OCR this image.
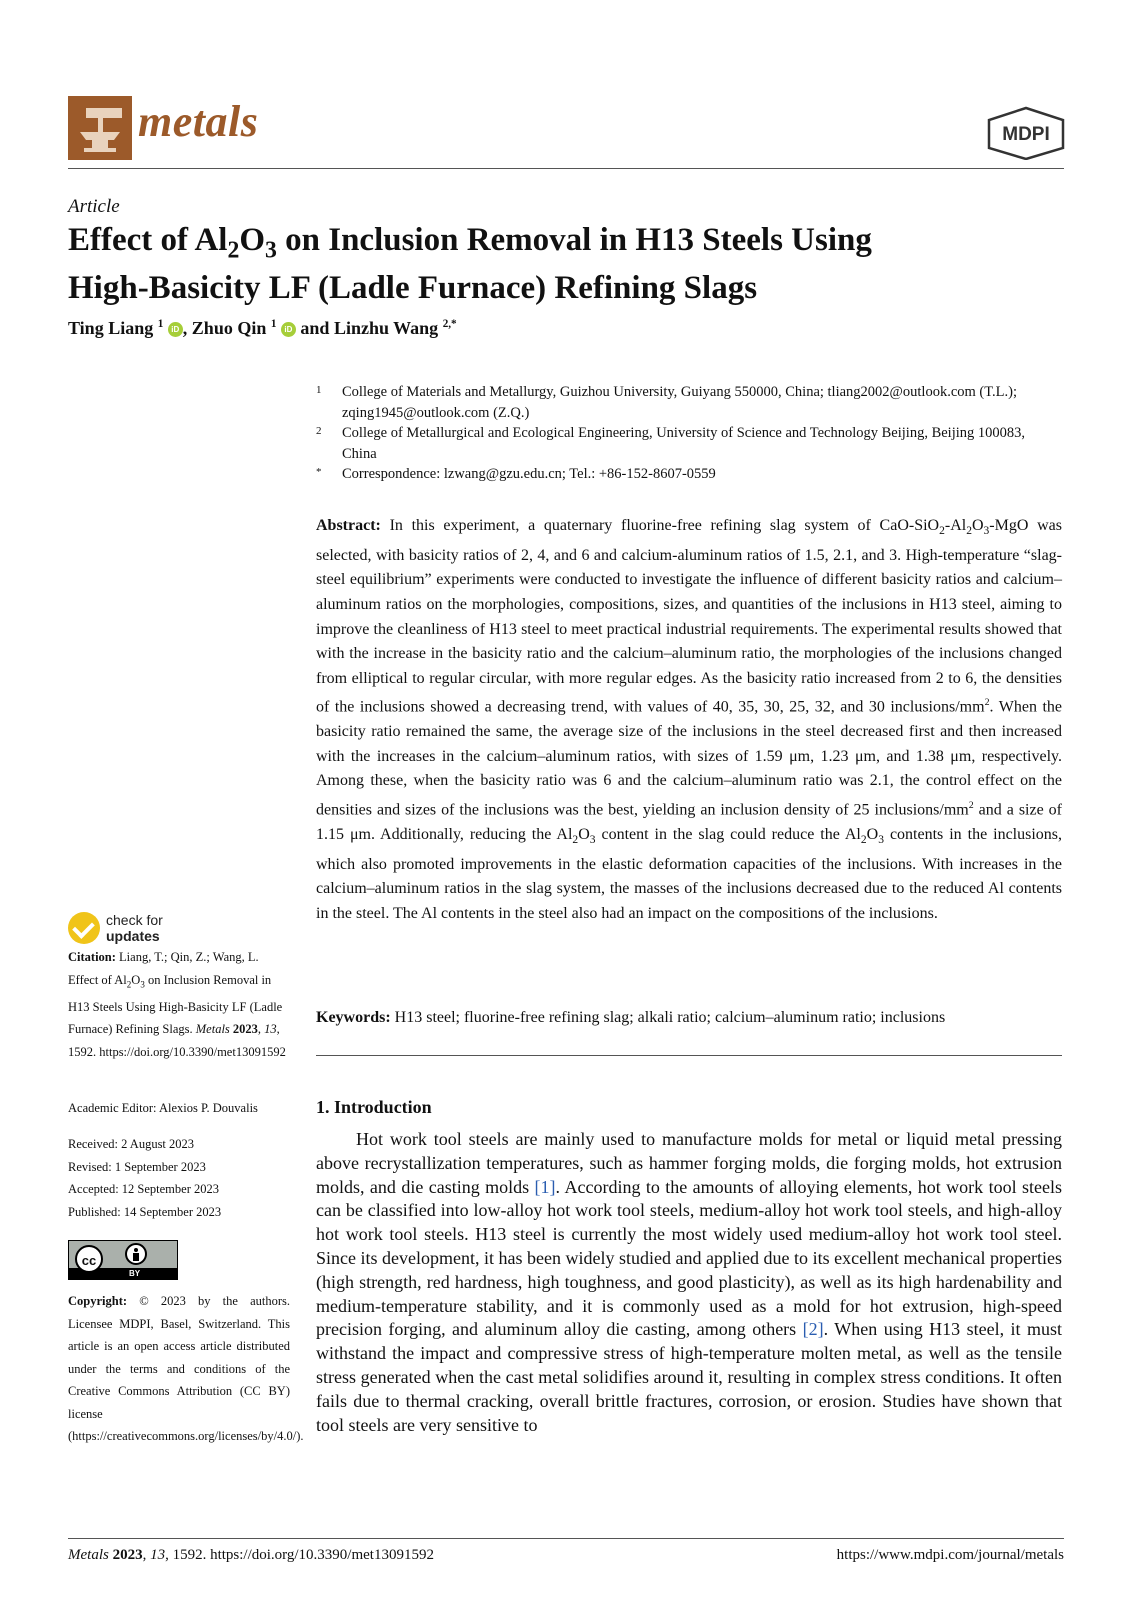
metals	MDPI
Article
Effect of $Al_2O_3$ on Inclusion Removal in H13 Steels Using
High-Basicity LF (Ladle Furnace) Refining Slags
Ting Liang $^1$ iD , Zhuo Qin $^1$ iD and Linzhu Wang $^{2,*}$
1	College of Materials and Metallurgy, Guizhou University, Guiyang 550000, China; tliang2002@outlook.com (T.L.); zqing1945@outlook.com (Z.Q.)
2	College of Metallurgical and Ecological Engineering, University of Science and Technology Beijing, Beijing 100083, China
*	Correspondence: lzwang@gzu.edu.cn; Tel.: +86-152-8607-0559
Abstract: In this experiment, a quaternary fluorine-free refining slag system of CaO-$SiO_2-Al_2O_3$-MgO was selected, with basicity ratios of 2, 4, and 6 and calcium-aluminum ratios of 1.5, 2.1, and 3. High-temperature “slag-steel equilibrium” experiments were conducted to investigate the influence of different basicity ratios and calcium–aluminum ratios on the morphologies, compositions, sizes, and quantities of the inclusions in H13 steel, aiming to improve the cleanliness of H13 steel to meet practical industrial requirements. The experimental results showed that with the increase in the basicity ratio and the calcium–aluminum ratio, the morphologies of the inclusions changed from elliptical to regular circular, with more regular edges. As the basicity ratio increased from 2 to 6, the densities of the inclusions showed a decreasing trend, with values of 40, 35, 30, 25, 32, and 30 inclusions/$mm^2$. When the basicity ratio remained the same, the average size of the inclusions in the steel decreased first and then increased with the increases in the calcium–aluminum ratios, with sizes of 1.59 μm, 1.23 μm, and 1.38 μm, respectively. Among these, when the basicity ratio was 6 and the calcium–aluminum ratio was 2.1, the control effect on the densities and sizes of the inclusions was the best, yielding an inclusion density of 25 inclusions/$mm^2$ and a size of 1.15 μm. Additionally, reducing the $Al_2O_3$ content in the slag could reduce the $Al_2O_3$ contents in the inclusions, which also promoted improvements in the elastic deformation capacities of the inclusions. With increases in the calcium–aluminum ratios in the slag system, the masses of the inclusions decreased due to the reduced Al contents in the steel. The Al contents in the steel also had an impact on the compositions of the inclusions.
Keywords: H13 steel; fluorine-free refining slag; alkali ratio; calcium–aluminum ratio; inclusions
1. Introduction
Hot work tool steels are mainly used to manufacture molds for metal or liquid metal pressing above recrystallization temperatures, such as hammer forging molds, die forging molds, hot extrusion molds, and die casting molds [1]. According to the amounts of alloying elements, hot work tool steels can be classified into low-alloy hot work tool steels, medium-alloy hot work tool steels, and high-alloy hot work tool steels. H13 steel is currently the most widely used medium-alloy hot work tool steel. Since its development, it has been widely studied and applied due to its excellent mechanical properties (high strength, red hardness, high toughness, and good plasticity), as well as its high hardenability and medium-temperature stability, and it is commonly used as a mold for hot extrusion, high-speed precision forging, and aluminum alloy die casting, among others [2]. When using H13 steel, it must withstand the impact and compressive stress of high-temperature molten metal, as well as the tensile stress generated when the cast metal solidifies around it, resulting in complex stress conditions. It often fails due to thermal cracking, overall brittle fractures, corrosion, or erosion. Studies have shown that tool steels are very sensitive to
check for
updates
Citation: Liang, T.; Qin, Z.; Wang, L. Effect of $Al_2O_3$ on Inclusion Removal in H13 Steels Using High-Basicity LF (Ladle Furnace) Refining Slags. Metals 2023, 13, 1592. https://doi.org/10.3390/met13091592
Academic Editor: Alexios P. Douvalis
Received: 2 August 2023
Revised: 1 September 2023
Accepted: 12 September 2023
Published: 14 September 2023
cc
BY
Copyright: © 2023 by the authors. Licensee MDPI, Basel, Switzerland. This article is an open access article distributed under the terms and conditions of the Creative Commons Attribution (CC BY) license (https://creativecommons.org/licenses/by/4.0/).
Metals 2023, 13, 1592. https://doi.org/10.3390/met13091592	https://www.mdpi.com/journal/metals
